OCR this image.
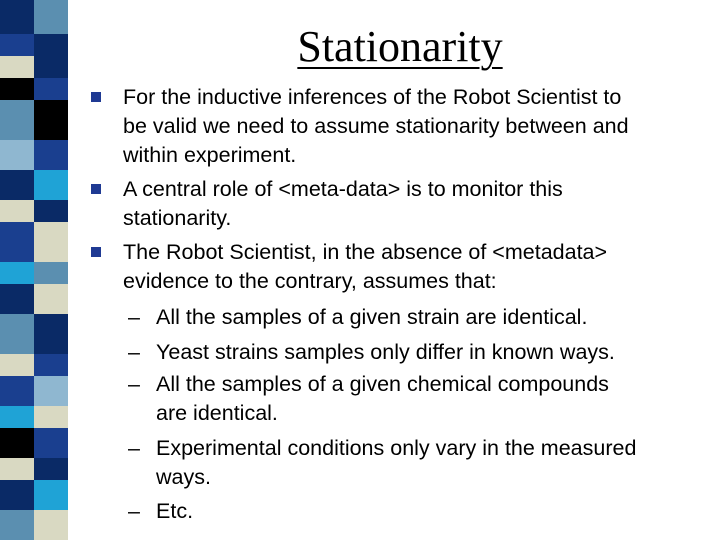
Stationarity
For the inductive inferences of the Robot Scientist to
be valid we need to assume stationarity between and
within experiment.
A central role of <meta-data> is to monitor this
stationarity.
The Robot Scientist, in the absence of <metadata>
evidence to the contrary, assumes that:
– All the samples of a given strain are identical.
– Yeast strains samples only differ in known ways.
– All the samples of a given chemical compounds
are identical.
– Experimental conditions only vary in the measured
ways.
– Etc.
